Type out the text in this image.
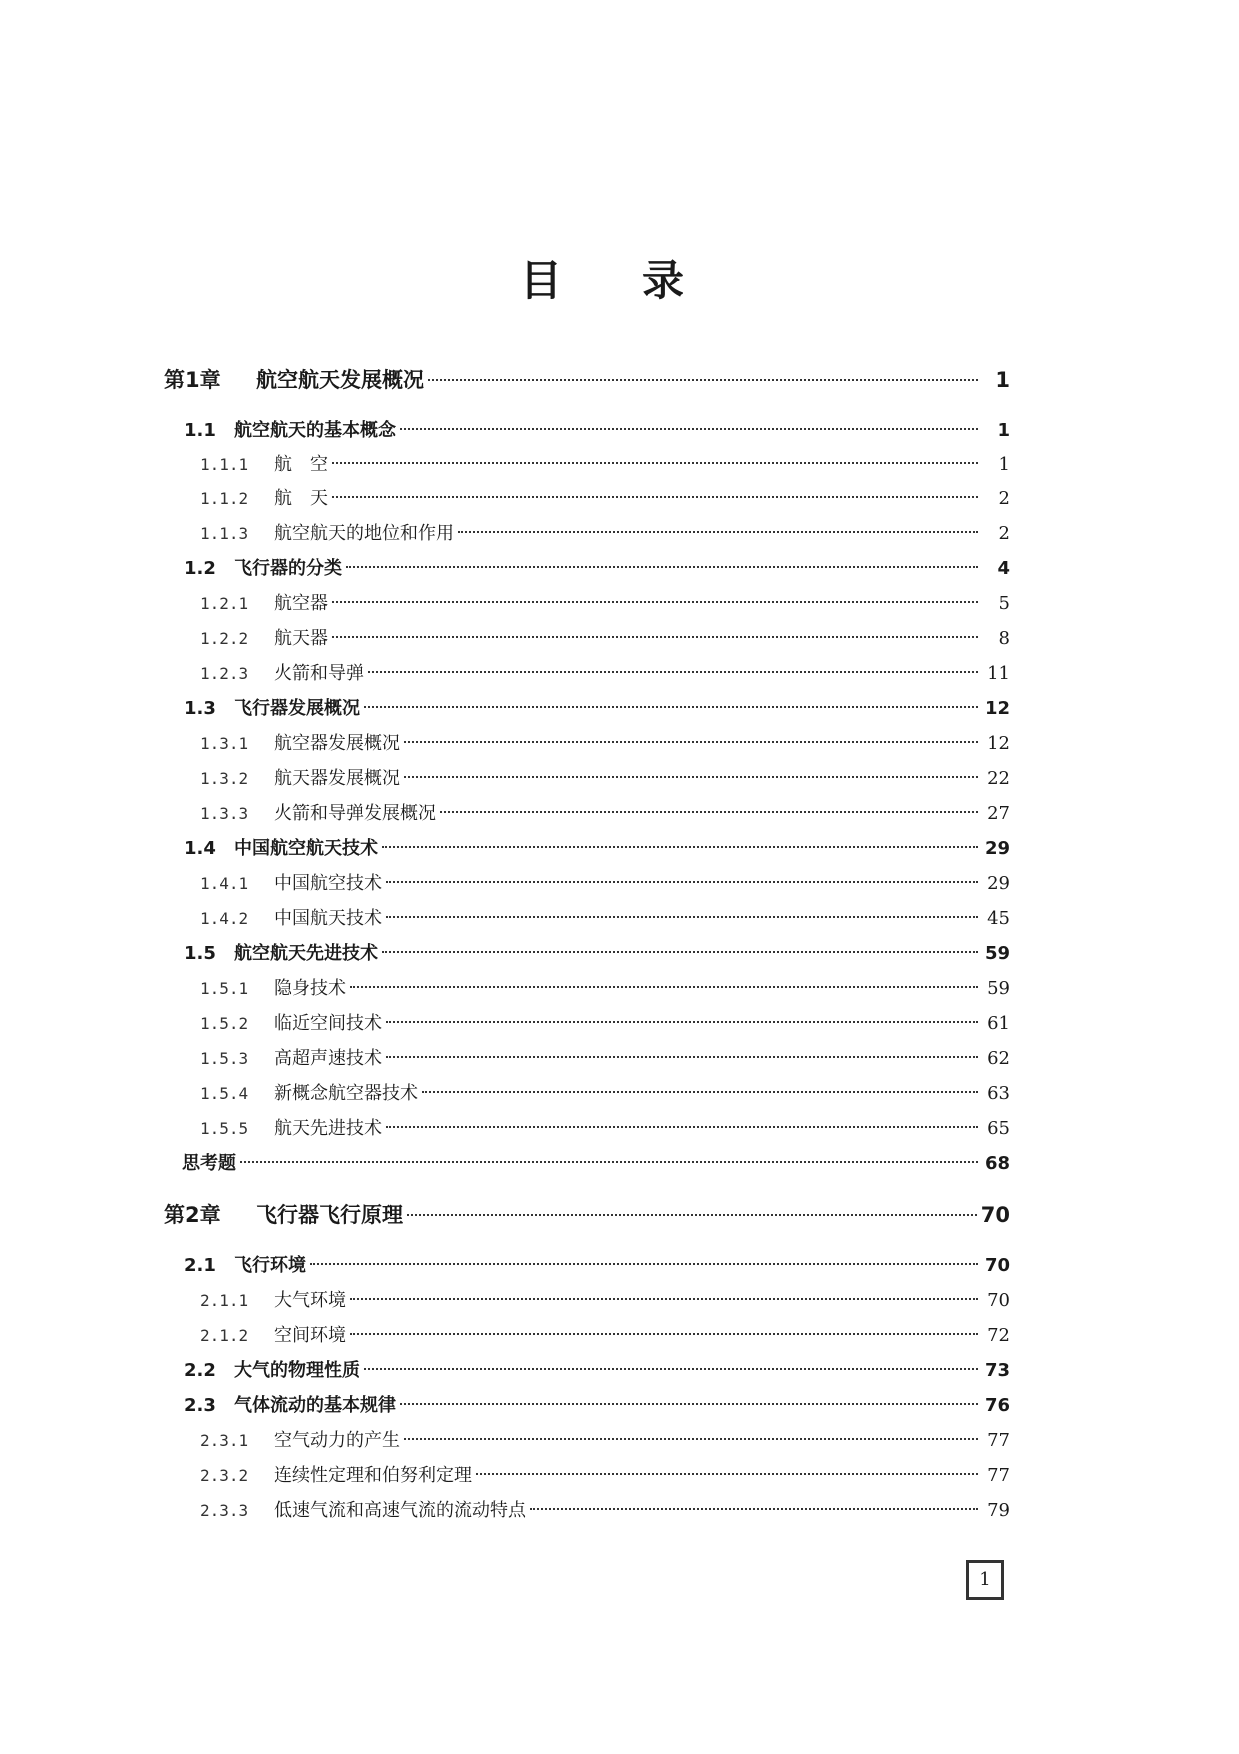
目 录
第1章	航空航天发展概况	1
1.1	航空航天的基本概念	1
1.1.1	航　空	1
1.1.2	航　天	2
1.1.3	航空航天的地位和作用	2
1.2	飞行器的分类	4
1.2.1	航空器	5
1.2.2	航天器	8
1.2.3	火箭和导弹	11
1.3	飞行器发展概况	12
1.3.1	航空器发展概况	12
1.3.2	航天器发展概况	22
1.3.3	火箭和导弹发展概况	27
1.4	中国航空航天技术	29
1.4.1	中国航空技术	29
1.4.2	中国航天技术	45
1.5	航空航天先进技术	59
1.5.1	隐身技术	59
1.5.2	临近空间技术	61
1.5.3	高超声速技术	62
1.5.4	新概念航空器技术	63
1.5.5	航天先进技术	65
思考题	68
第2章	飞行器飞行原理	70
2.1	飞行环境	70
2.1.1	大气环境	70
2.1.2	空间环境	72
2.2	大气的物理性质	73
2.3	气体流动的基本规律	76
2.3.1	空气动力的产生	77
2.3.2	连续性定理和伯努利定理	77
2.3.3	低速气流和高速气流的流动特点	79
1
